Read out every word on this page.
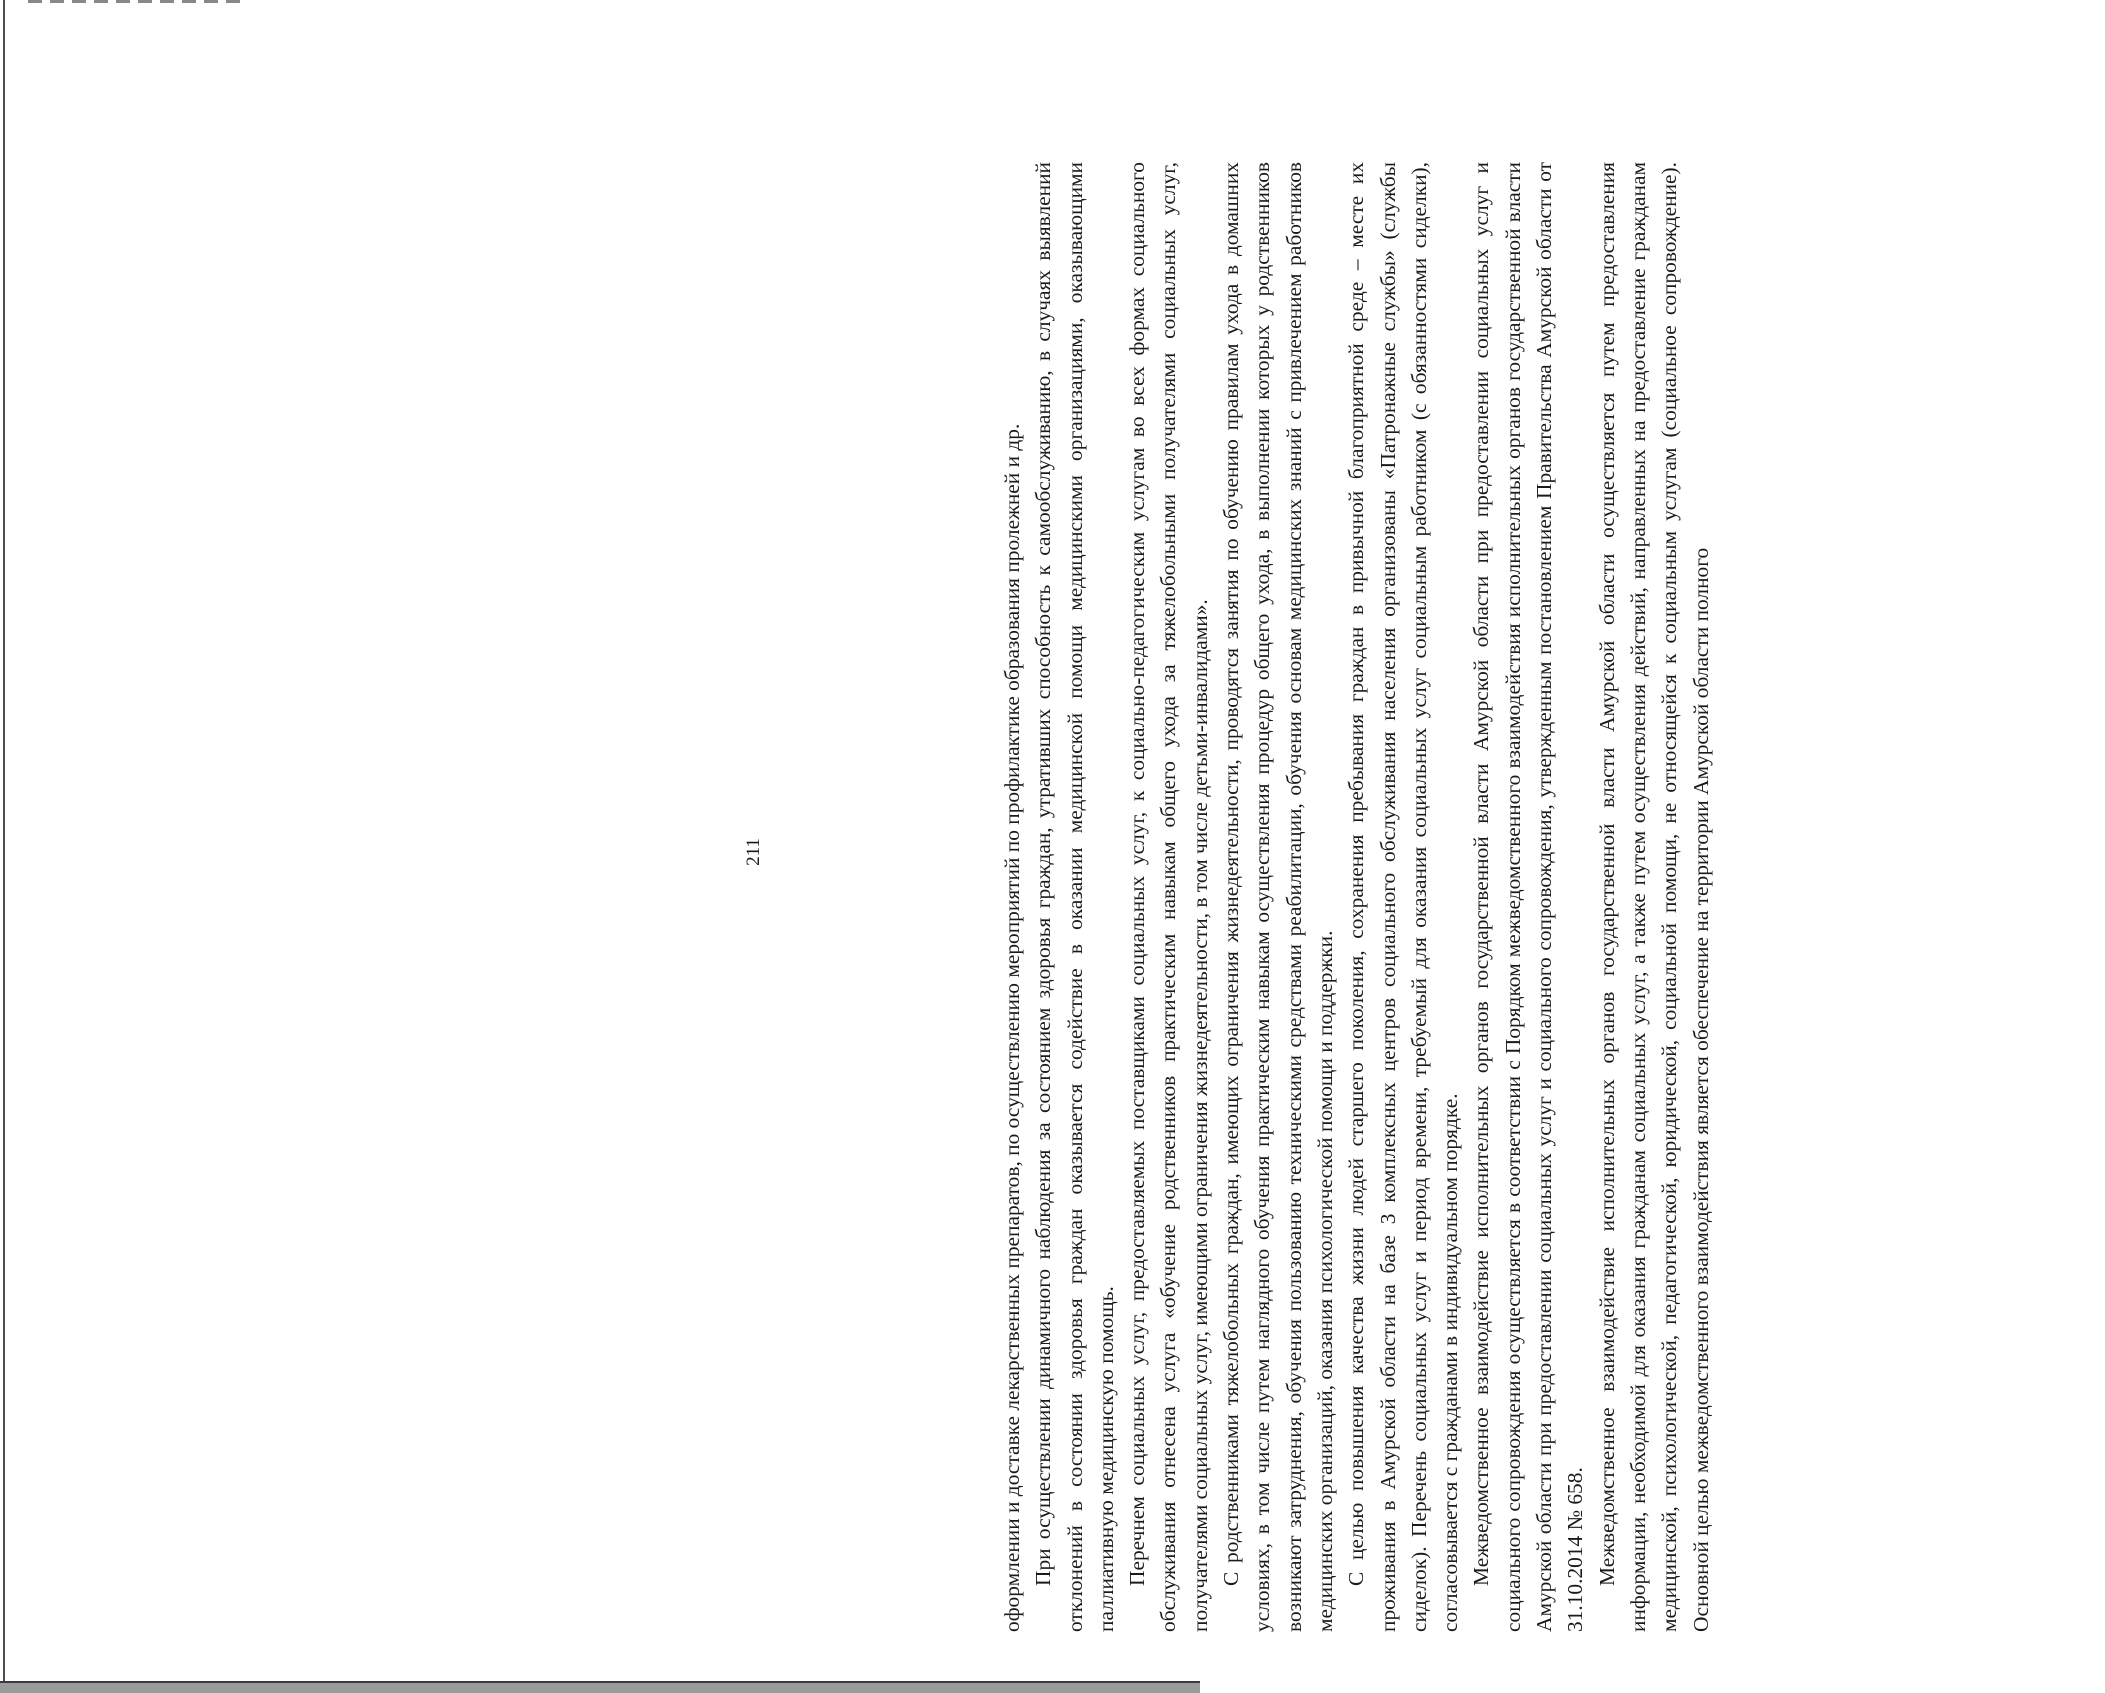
211	оформлении и доставке лекарственных препаратов, по осуществлению мероприятий по профилактике образования пролежней и др. При осуществлении динамичного наблюдения за состоянием здоровья граждан, утративших способность к самообслуживанию, в случаях выявлений отклонений в состоянии здоровья граждан оказывается содействие в оказании медицинской помощи медицинскими организациями, оказывающими паллиативную медицинскую помощь. Перечнем социальных услуг, предоставляемых поставщиками социальных услуг, к социально-педагогическим услугам во всех формах социального обслуживания отнесена услуга «обучение родственников практическим навыкам общего ухода за тяжелобольными получателями социальных услуг, получателями социальных услуг, имеющими ограничения жизнедеятельности, в том числе детьми-инвалидами». С родственниками тяжелобольных граждан, имеющих ограничения жизнедеятельности, проводятся занятия по обучению правилам ухода в домашних условиях, в том числе путем наглядного обучения практическим навыкам осуществления процедур общего ухода, в выполнении которых у родственников возникают затруднения, обучения пользованию техническими средствами реабилитации, обучения основам медицинских знаний с привлечением работников медицинских организаций, оказания психологической помощи и поддержки. С целью повышения качества жизни людей старшего поколения, сохранения пребывания граждан в привычной благоприятной среде – месте их проживания в Амурской области на базе 3 комплексных центров социального обслуживания населения организованы «Патронажные службы» (службы сиделок). Перечень социальных услуг и период времени, требуемый для оказания социальных услуг социальным работником (с обязанностями сиделки), согласовывается с гражданами в индивидуальном порядке. Межведомственное взаимодействие исполнительных органов государственной власти Амурской области при предоставлении социальных услуг и социального сопровождения осуществляется в соответствии с Порядком межведомственного взаимодействия исполнительных органов государственной власти Амурской области при предоставлении социальных услуг и социального сопровождения, утвержденным постановлением Правительства Амурской области от 31.10.2014 № 658. Межведомственное взаимодействие исполнительных органов государственной власти Амурской области осуществляется путем предоставления информации, необходимой для оказания гражданам социальных услуг, а также путем осуществления действий, направленных на предоставление гражданам медицинской, психологической, педагогической, юридической, социальной помощи, не относящейся к социальным услугам (социальное сопровождение). Основной целью межведомственного взаимодействия является обеспечение на территории Амурской области полного
